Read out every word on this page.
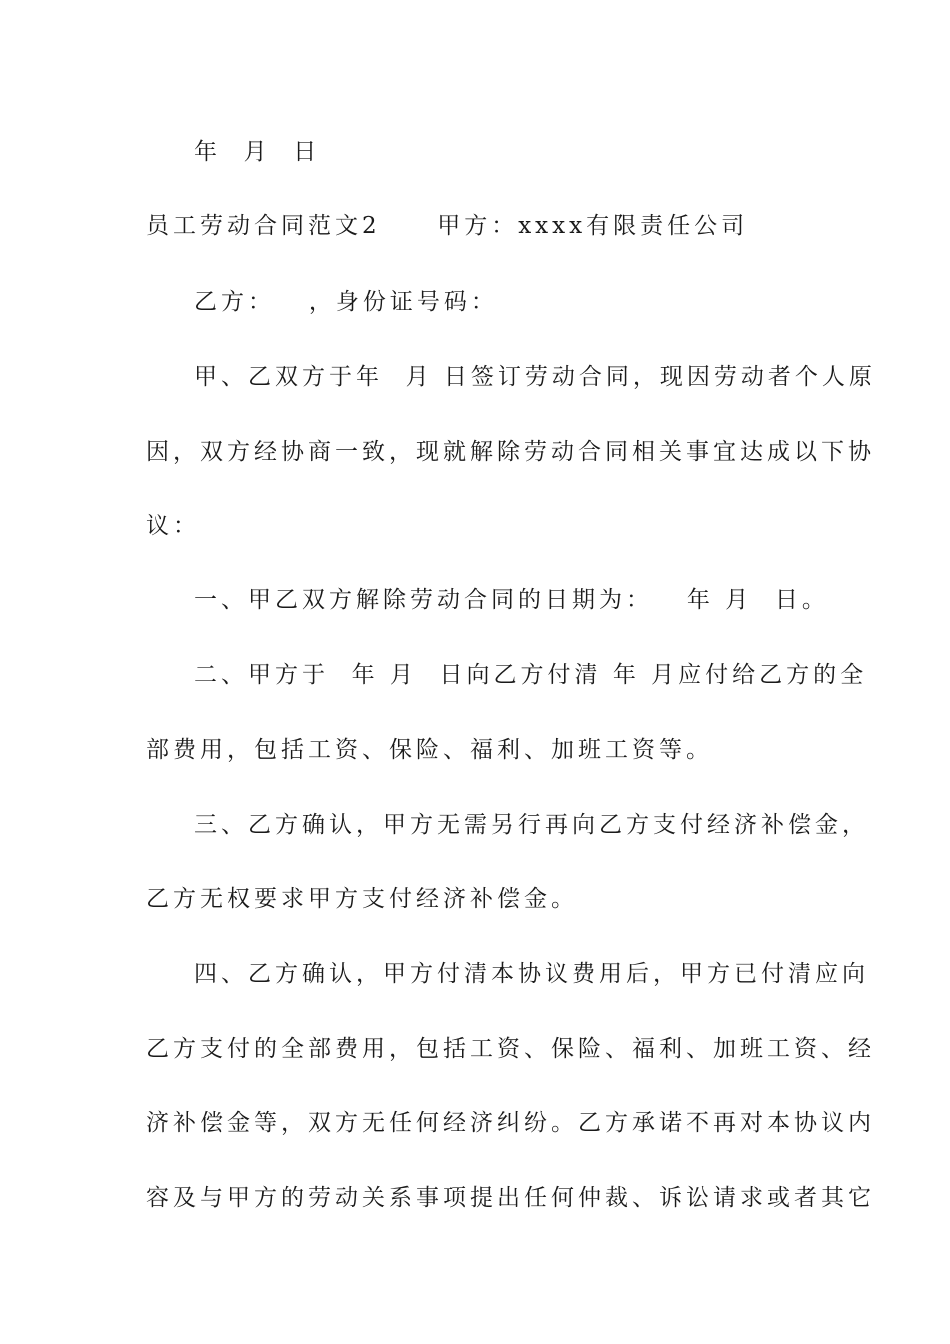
年  月  日
员工劳动合同范文2     甲方：xxxx有限责任公司
乙方：   ，身份证号码：
甲、乙双方于年  月 日签订劳动合同，现因劳动者个人原
因，双方经协商一致，现就解除劳动合同相关事宜达成以下协
议：
一、甲乙双方解除劳动合同的日期为：   年 月  日。
二、甲方于  年 月  日向乙方付清 年 月应付给乙方的全
部费用，包括工资、保险、福利、加班工资等。
三、乙方确认，甲方无需另行再向乙方支付经济补偿金，
乙方无权要求甲方支付经济补偿金。
四、乙方确认，甲方付清本协议费用后，甲方已付清应向
乙方支付的全部费用，包括工资、保险、福利、加班工资、经
济补偿金等，双方无任何经济纠纷。乙方承诺不再对本协议内
容及与甲方的劳动关系事项提出任何仲裁、诉讼请求或者其它
